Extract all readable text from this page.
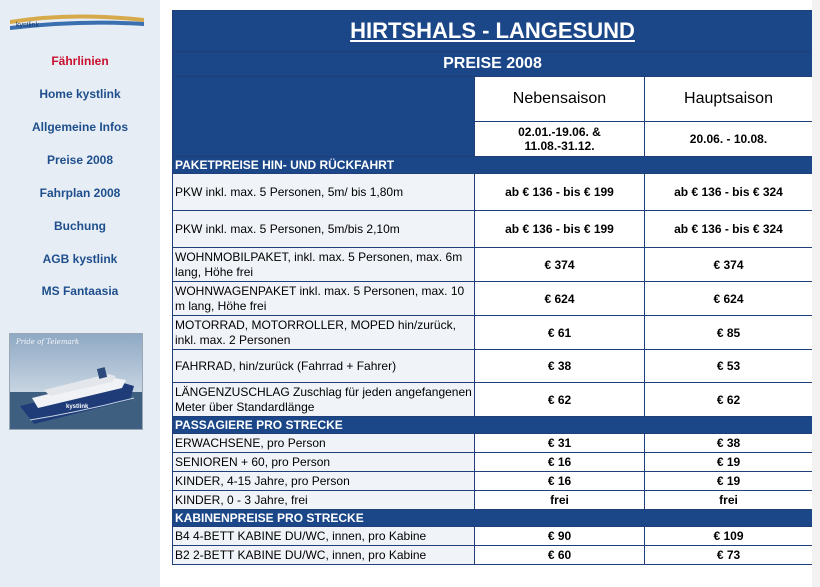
kystlink
Fährlinien
Home kystlink
Allgemeine Infos
Preise 2008
Fahrplan 2008
Buchung
AGB kystlink
MS Fantaasia
Pride of Telemark
kystlink
HIRTSHALS - LANGESUND		
PREISE 2008		
	Nebensaison	Hauptsaison
	02.01.-19.06. &
11.08.-31.12.	20.06. - 10.08.
PAKETPREISE HIN- UND RÜCKFAHRT		
PKW inkl. max. 5 Personen, 5m/ bis 1,80m	ab € 136 - bis € 199	ab € 136 - bis € 324
PKW inkl. max. 5 Personen, 5m/bis 2,10m	ab € 136 - bis € 199	ab € 136 - bis € 324
WOHNMOBILPAKET, inkl. max. 5 Personen, max. 6m lang, Höhe frei	€ 374	€ 374
WOHNWAGENPAKET inkl. max. 5 Personen, max. 10 m lang, Höhe frei	€ 624	€ 624
MOTORRAD, MOTORROLLER, MOPED hin/zurück, inkl. max. 2 Personen	€ 61	€ 85
FAHRRAD, hin/zurück (Fahrrad + Fahrer)	€ 38	€ 53
LÄNGENZUSCHLAG Zuschlag für jeden angefangenen Meter über Standardlänge	€ 62	€ 62
PASSAGIERE PRO STRECKE		
ERWACHSENE, pro Person	€ 31	€ 38
SENIOREN + 60, pro Person	€ 16	€ 19
KINDER, 4-15 Jahre, pro Person	€ 16	€ 19
KINDER, 0 - 3 Jahre, frei	frei	frei
KABINENPREISE PRO STRECKE		
B4 4-BETT KABINE DU/WC, innen, pro Kabine	€ 90	€ 109
B2 2-BETT KABINE DU/WC, innen, pro Kabine	€ 60	€ 73
